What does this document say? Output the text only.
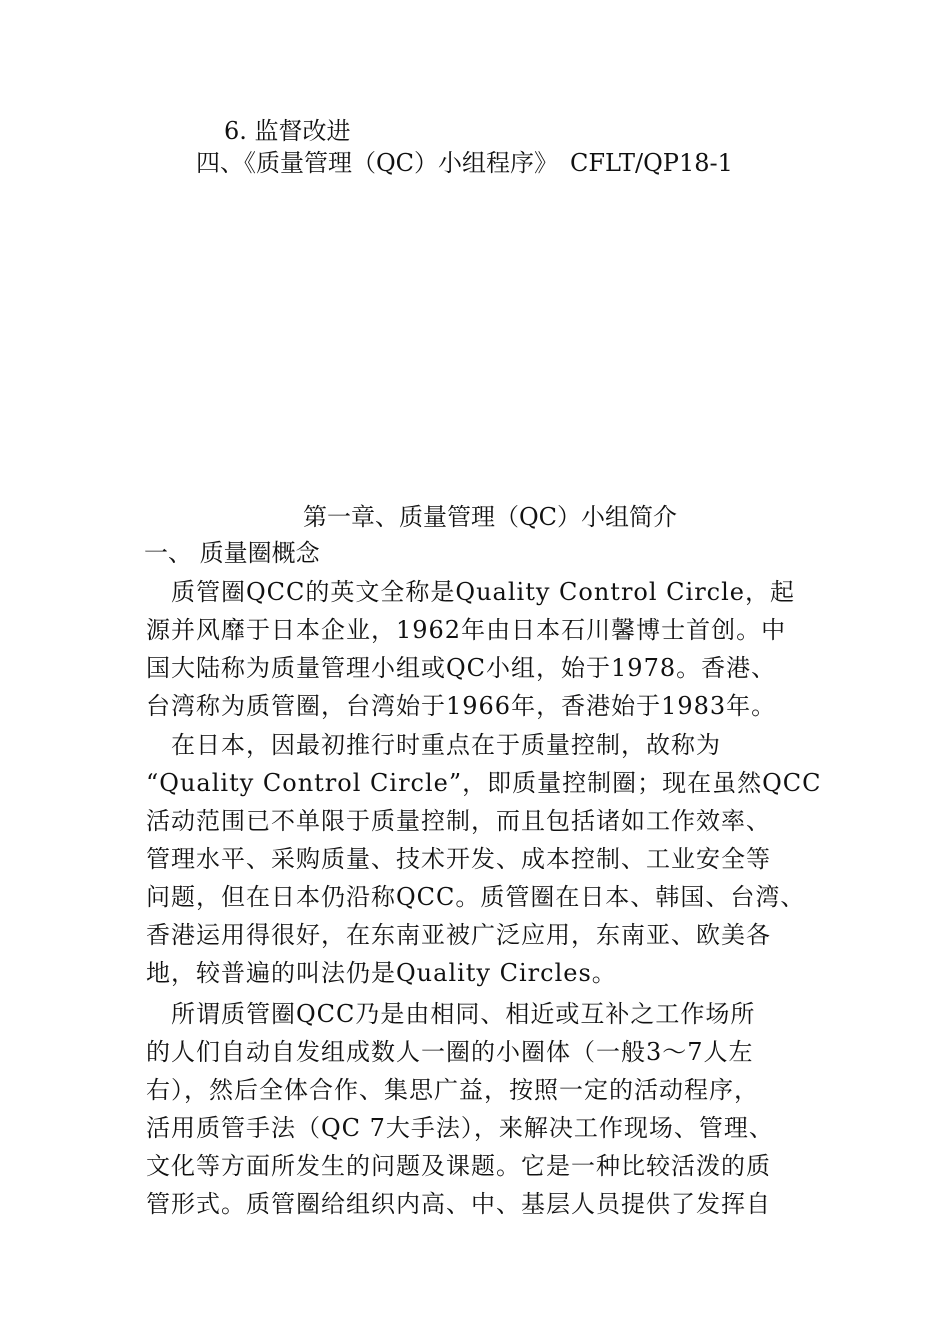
6. 监督改进
四、《质量管理（QC）小组程序》　CFLT/QP18-1
第一章、质量管理（QC）小组简介
一、 质量圈概念
　质管圈QCC的英文全称是Quality Control Circle，起
源并风靡于日本企业，1962年由日本石川馨博士首创。中
国大陆称为质量管理小组或QC小组，始于1978。香港、
台湾称为质管圈，台湾始于1966年，香港始于1983年。
　在日本，因最初推行时重点在于质量控制，故称为
“Quality Control Circle”，即质量控制圈；现在虽然QCC
活动范围已不单限于质量控制，而且包括诸如工作效率、
管理水平、采购质量、技术开发、成本控制、工业安全等
问题，但在日本仍沿称QCC。质管圈在日本、韩国、台湾、
香港运用得很好，在东南亚被广泛应用，东南亚、欧美各
地，较普遍的叫法仍是Quality Circles。
　所谓质管圈QCC乃是由相同、相近或互补之工作场所
的人们自动自发组成数人一圈的小圈体（一般3～7人左
右），然后全体合作、集思广益，按照一定的活动程序，
活用质管手法（QC 7大手法），来解决工作现场、管理、
文化等方面所发生的问题及课题。它是一种比较活泼的质
管形式。质管圈给组织内高、中、基层人员提供了发挥自
